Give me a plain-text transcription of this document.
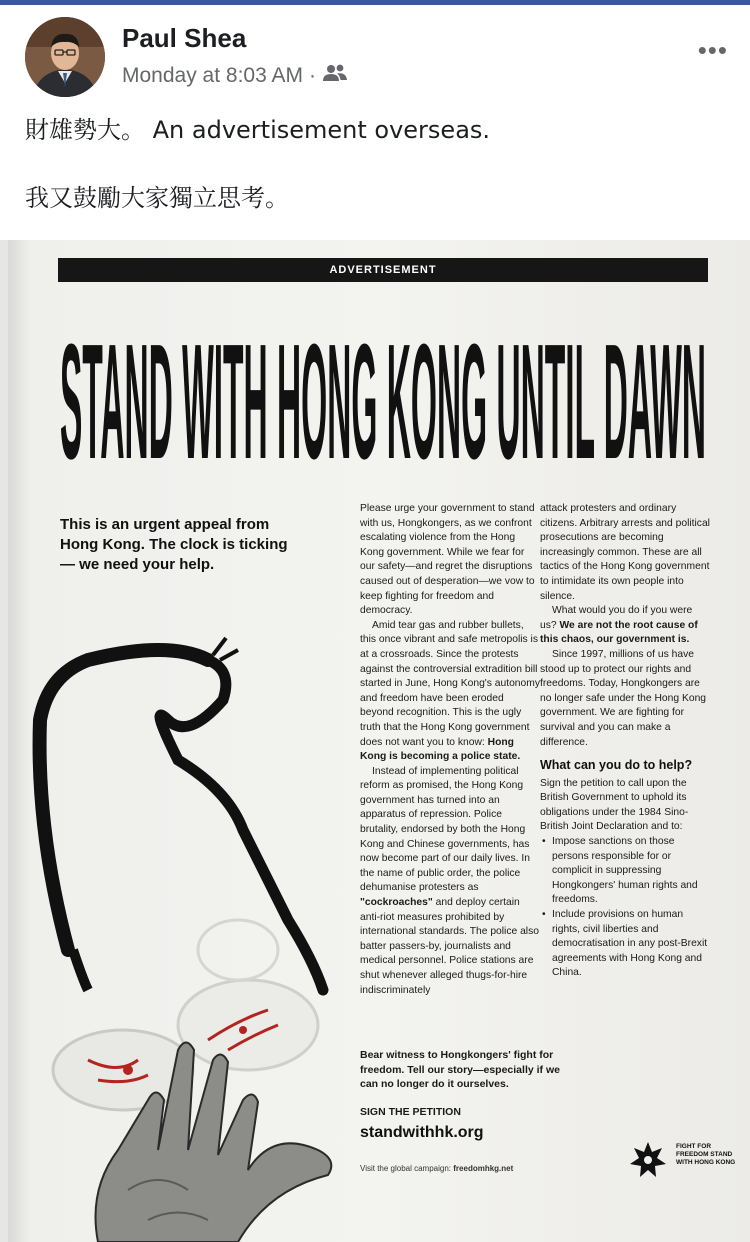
Paul Shea
Monday at 8:03 AM ·
•••
財雄勢大。 An advertisement overseas.
我又鼓勵大家獨立思考。
ADVERTISEMENT
STAND WITH HONG KONG UNTIL DAWN
This is an urgent appeal from Hong Kong. The clock is ticking— we need your help.

Please urge your government to stand with us, Hongkongers, as we confront escalating violence from the Hong Kong government. While we fear for our safety—and regret the disruptions caused out of desperation—we vow to keep fighting for freedom and democracy.

Amid tear gas and rubber bullets, this once vibrant and safe metropolis is at a crossroads. Since the protests against the controversial extradition bill started in June, Hong Kong's autonomy and freedom have been eroded beyond recognition. This is the ugly truth that the Hong Kong government does not want you to know: Hong Kong is becoming a police state.

Instead of implementing political reform as promised, the Hong Kong government has turned into an apparatus of repression. Police brutality, endorsed by both the Hong Kong and Chinese governments, has now become part of our daily lives. In the name of public order, the police dehumanise protesters as "cockroaches" and deploy certain anti-riot measures prohibited by international standards. The police also batter passers-by, journalists and medical personnel. Police stations are shut whenever alleged thugs-for-hire indiscriminately

attack protesters and ordinary citizens. Arbitrary arrests and political prosecutions are becoming increasingly common. These are all tactics of the Hong Kong government to intimidate its own people into silence.

What would you do if you were us? We are not the root cause of this chaos, our government is.

Since 1997, millions of us have stood up to protect our rights and freedoms. Today, Hongkongers are no longer safe under the Hong Kong government. We are fighting for survival and you can make a difference.

What can you do to help?

Sign the petition to call upon the British Government to uphold its obligations under the 1984 Sino-British Joint Declaration and to:

• Impose sanctions on those persons responsible for or complicit in suppressing Hongkongers' human rights and freedoms.
• Include provisions on human rights, civil liberties and democratisation in any post-Brexit agreements with Hong Kong and China.
Bear witness to Hongkongers' fight for freedom. Tell our story—especially if we can no longer do it ourselves.
SIGN THE PETITION
standwithhk.org
Visit the global campaign: freedomhkg.net
FIGHT FOR FREEDOM STAND WITH HONG KONG
